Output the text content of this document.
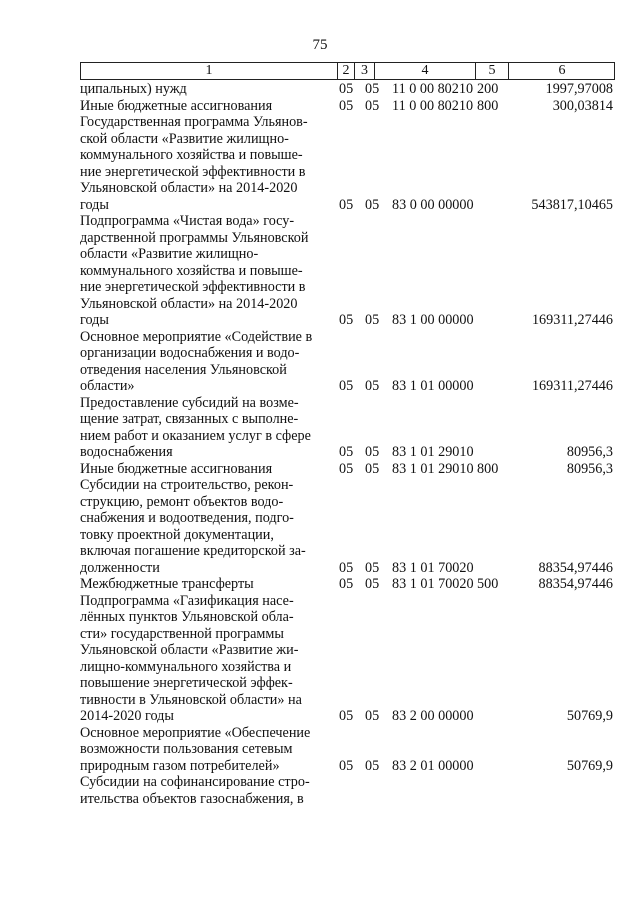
75
1	2 3	4	5	6
ципальных) нужд	05 05 11 0 00 80210 200	1997,97008
Иные бюджетные ассигнования	05 05 11 0 00 80210 800	300,03814
Государственная программа Ульянов-
ской области «Развитие жилищно-
коммунального хозяйства и повыше-
ние энергетической эффективности в
Ульяновской области» на 2014-2020
годы	05 05 83 0 00 00000	543817,10465
Подпрограмма «Чистая вода» госу-
дарственной программы Ульяновской
области «Развитие жилищно-
коммунального хозяйства и повыше-
ние энергетической эффективности в
Ульяновской области» на 2014-2020
годы	05 05 83 1 00 00000	169311,27446
Основное мероприятие «Содействие в
организации водоснабжения и водо-
отведения населения Ульяновской
области»	05 05 83 1 01 00000	169311,27446
Предоставление субсидий на возме-
щение затрат, связанных с выполне-
нием работ и оказанием услуг в сфере
водоснабжения	05 05 83 1 01 29010	80956,3
Иные бюджетные ассигнования	05 05 83 1 01 29010 800	80956,3
Субсидии на строительство, рекон-
струкцию, ремонт объектов водо-
снабжения и водоотведения, подго-
товку проектной документации,
включая погашение кредиторской за-
долженности	05 05 83 1 01 70020	88354,97446
Межбюджетные трансферты	05 05 83 1 01 70020 500	88354,97446
Подпрограмма «Газификация насе-
лённых пунктов Ульяновской обла-
сти» государственной программы
Ульяновской области «Развитие жи-
лищно-коммунального хозяйства и
повышение энергетической эффек-
тивности в Ульяновской области» на
2014-2020 годы	05 05 83 2 00 00000	50769,9
Основное мероприятие «Обеспечение
возможности пользования сетевым
природным газом потребителей»	05 05 83 2 01 00000	50769,9
Субсидии на софинансирование стро-
ительства объектов газоснабжения, в
